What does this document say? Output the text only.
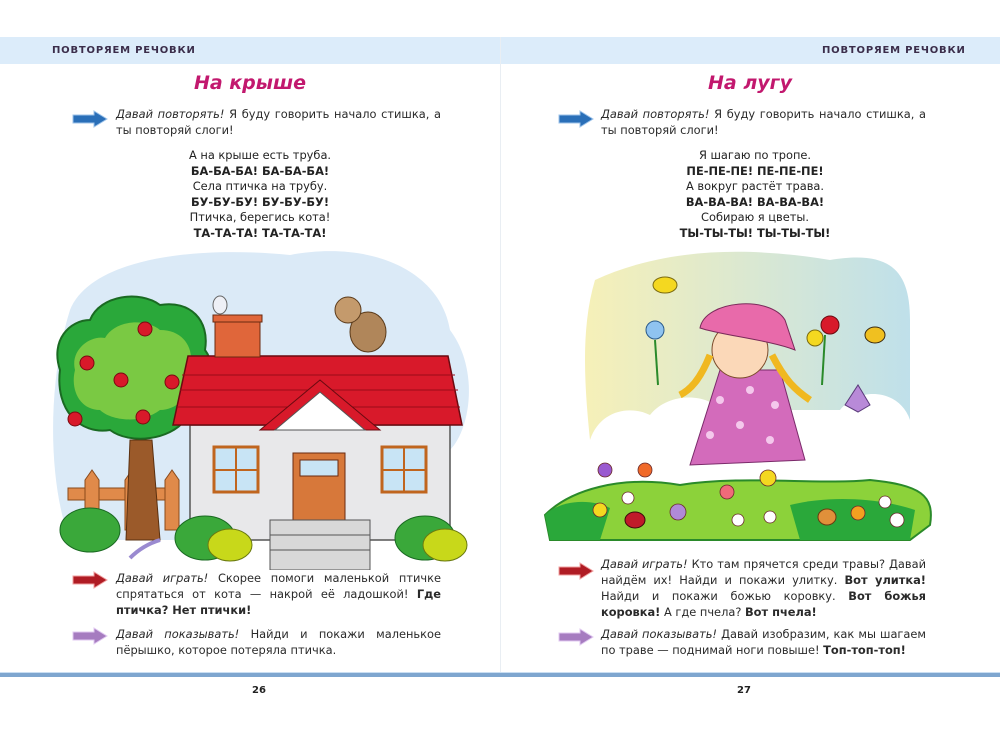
ПОВТОРЯЕМ РЕЧОВКИ
На крыше
Давай повторять! Я буду говорить начало стишка, а ты повторяй слоги!
А на крыше есть труба.
БА-БА-БА! БА-БА-БА!
Села птичка на трубу.
БУ-БУ-БУ! БУ-БУ-БУ!
Птичка, берегись кота!
ТА-ТА-ТА! ТА-ТА-ТА!
Давай играть! Скорее помоги маленькой птичке спрятаться от кота — накрой её ладошкой! Где птичка? Нет птички!
Давай показывать! Найди и покажи маленькое пёрышко, которое потеряла птичка.
ПОВТОРЯЕМ РЕЧОВКИ
На лугу
Давай повторять! Я буду говорить начало стишка, а ты повторяй слоги!
Я шагаю по тропе.
ПЕ-ПЕ-ПЕ! ПЕ-ПЕ-ПЕ!
А вокруг растёт трава.
ВА-ВА-ВА! ВА-ВА-ВА!
Собираю я цветы.
ТЫ-ТЫ-ТЫ! ТЫ-ТЫ-ТЫ!
Давай играть! Кто там прячется среди травы? Давай найдём их! Найди и покажи улитку. Вот улитка! Найди и покажи божью коровку. Вот божья коровка! А где пчела? Вот пчела!
Давай показывать! Давай изобразим, как мы шагаем по траве — поднимай ноги повыше! Топ-топ-топ!
26	27
